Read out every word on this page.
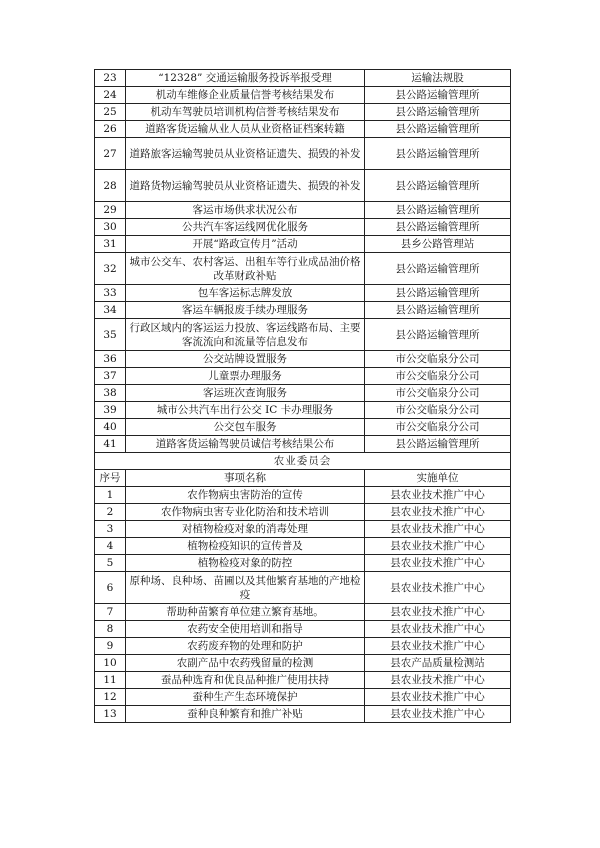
23	“12328” 交通运输服务投诉举报受理	运输法规股
24	机动车维修企业质量信誉考核结果发布	县公路运输管理所
25	机动车驾驶员培训机构信誉考核结果发布	县公路运输管理所
26	道路客货运输从业人员从业资格证档案转籍	县公路运输管理所
27	道路旅客运输驾驶员从业资格证遗失、损毁的补发	县公路运输管理所
28	道路货物运输驾驶员从业资格证遗失、损毁的补发	县公路运输管理所
29	客运市场供求状况公布	县公路运输管理所
30	公共汽车客运线网优化服务	县公路运输管理所
31	开展“路政宣传月”活动	县乡公路管理站
32	城市公交车、农村客运、出租车等行业成品油价格改革财政补贴	县公路运输管理所
33	包车客运标志牌发放	县公路运输管理所
34	客运车辆报废手续办理服务	县公路运输管理所
35	行政区域内的客运运力投放、客运线路布局、主要客流流向和流量等信息发布	县公路运输管理所
36	公交站牌设置服务	市公交临泉分公司
37	儿童票办理服务	市公交临泉分公司
38	客运班次查询服务	市公交临泉分公司
39	城市公共汽车出行公交 IC 卡办理服务	市公交临泉分公司
40	公交包车服务	市公交临泉分公司
41	道路客货运输驾驶员诚信考核结果公布	县公路运输管理所
农业委员会		
序号	事项名称	实施单位
1	农作物病虫害防治的宣传	县农业技术推广中心
2	农作物病虫害专业化防治和技术培训	县农业技术推广中心
3	对植物检疫对象的消毒处理	县农业技术推广中心
4	植物检疫知识的宣传普及	县农业技术推广中心
5	植物检疫对象的防控	县农业技术推广中心
6	原种场、良种场、苗圃以及其他繁育基地的产地检疫	县农业技术推广中心
7	帮助种苗繁育单位建立繁育基地。	县农业技术推广中心
8	农药安全使用培训和指导	县农业技术推广中心
9	农药废弃物的处理和防护	县农业技术推广中心
10	农副产品中农药残留量的检测	县农产品质量检测站
11	蚕品种选育和优良品种推广使用扶持	县农业技术推广中心
12	蚕种生产生态环境保护	县农业技术推广中心
13	蚕种良种繁育和推广补贴	县农业技术推广中心
